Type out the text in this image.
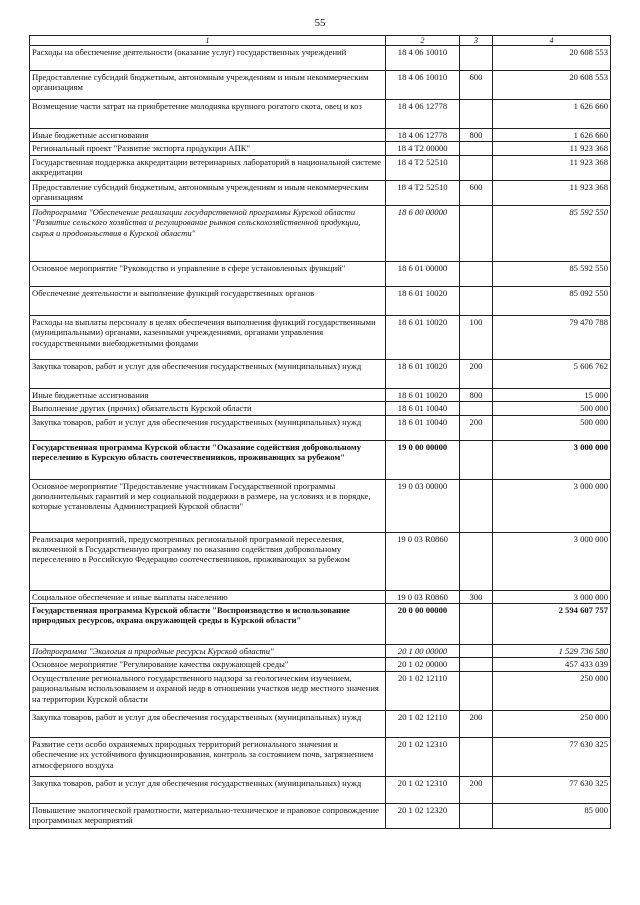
55
1	2	3	4
Расходы на обеспечение деятельности (оказание услуг) государственных учреждений	18 4 06 10010		20 608 553
Предоставление субсидий бюджетным, автономным учреждениям и иным некоммерческим организациям	18 4 06 10010	600	20 608 553
Возмещение части затрат на приобретение молодняка крупного рогатого скота, овец и коз	18 4 06 12778		1 626 660
Иные бюджетные ассигнования	18 4 06 12778	800	1 626 660
Региональный проект "Развитие экспорта продукции АПК"	18 4 T2 00000		11 923 368
Государственная поддержка аккредитации ветеринарных лабораторий в национальной системе аккредитации	18 4 T2 52510		11 923 368
Предоставление субсидий бюджетным, автономным учреждениям и иным некоммерческим организациям	18 4 T2 52510	600	11 923 368
Подпрограмма "Обеспечение реализации государственной программы Курской области "Развитие сельского хозяйства и регулирование рынков сельскохозяйственной продукции, сырья и продовольствия в Курской области"	18 6 00 00000		85 592 550
Основное мероприятие "Руководство и управление в сфере установленных функций"	18 6 01 00000		85 592 550
Обеспечение деятельности и выполнение функций государственных органов	18 6 01 10020		85 092 550
Расходы на выплаты персоналу в целях обеспечения выполнения функций государственными (муниципальными) органами, казенными учреждениями, органами управления государственными внебюджетными фондами	18 6 01 10020	100	79 470 788
Закупка товаров, работ и услуг для обеспечения государственных (муниципальных) нужд	18 6 01 10020	200	5 606 762
Иные бюджетные ассигнования	18 6 01 10020	800	15 000
Выполнение других (прочих) обязательств Курской области	18 6 01 10040		500 000
Закупка товаров, работ и услуг для обеспечения государственных (муниципальных) нужд	18 6 01 10040	200	500 000
Государственная программа Курской области "Оказание содействия добровольному переселению в Курскую область соотечественников, проживающих за рубежом"	19 0 00 00000		3 000 000
Основное мероприятие "Предоставление участникам Государственной программы дополнительных гарантий и мер социальной поддержки в размере, на условиях и в порядке, которые установлены Администрацией Курской области"	19 0 03 00000		3 000 000
Реализация мероприятий, предусмотренных региональной программой переселения, включенной в Государственную программу по оказанию содействия добровольному переселению в Российскую Федерацию соотечественников, проживающих за рубежом	19 0 03 R0860		3 000 000
Социальное обеспечение и иные выплаты населению	19 0 03 R0860	300	3 000 000
Государственная программа Курской области "Воспроизводство и использование природных ресурсов, охрана окружающей среды в Курской области"	20 0 00 00000		2 594 607 757
Подпрограмма "Экология и природные ресурсы Курской области"	20 1 00 00000		1 529 736 580
Основное мероприятие "Регулирование качества окружающей среды"	20 1 02 00000		457 433 039
Осуществление регионального государственного надзора за геологическим изучением, рациональным использованием и охраной недр в отношении участков недр местного значения на территории Курской области	20 1 02 12110		250 000
Закупка товаров, работ и услуг для обеспечения государственных (муниципальных) нужд	20 1 02 12110	200	250 000
Развитие сети особо охраняемых природных территорий регионального значения и обеспечение их устойчивого функционирования, контроль за состоянием почв, загрязнением атмосферного воздуха	20 1 02 12310		77 630 325
Закупка товаров, работ и услуг для обеспечения государственных (муниципальных) нужд	20 1 02 12310	200	77 630 325
Повышение экологической грамотности, материально-техническое и правовое сопровождение программных мероприятий	20 1 02 12320		85 000
